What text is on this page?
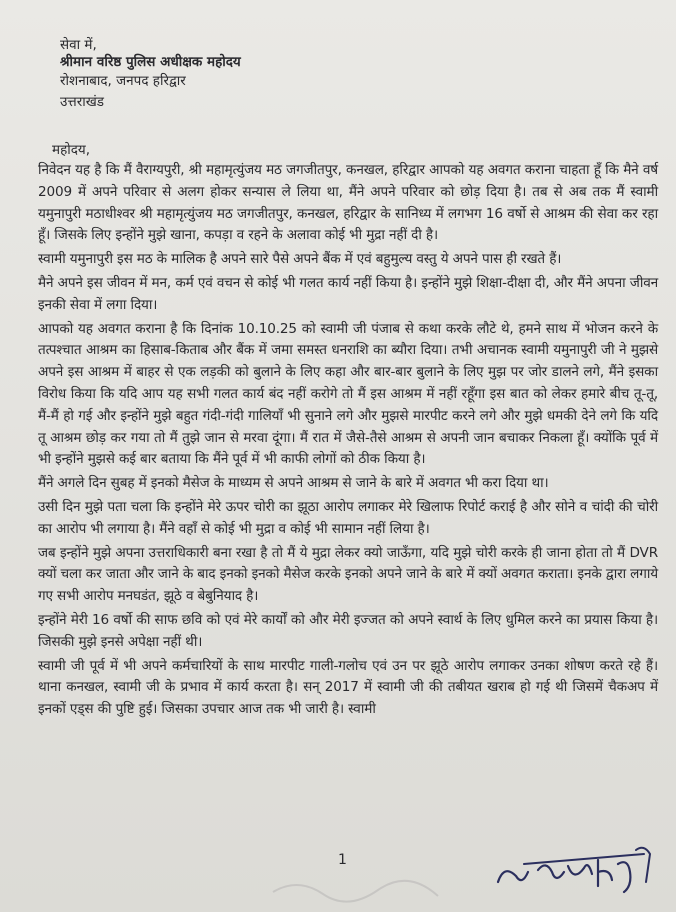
सेवा में,
श्रीमान वरिष्ठ पुलिस अधीक्षक महोदय
रोशनाबाद, जनपद हरिद्वार
उत्तराखंड
महोदय,

निवेदन यह है कि मैं वैराग्यपुरी, श्री महामृत्युंजय मठ जगजीतपुर, कनखल, हरिद्वार आपको यह अवगत कराना चाहता हूँ कि मैने वर्ष 2009 में अपने परिवार से अलग होकर सन्यास ले लिया था, मैंने अपने परिवार को छोड़ दिया है। तब से अब तक मैं स्वामी यमुनापुरी मठाधीश्वर श्री महामृत्युंजय मठ जगजीतपुर, कनखल, हरिद्वार के सानिध्य में लगभग 16 वर्षो से आश्रम की सेवा कर रहा हूँ। जिसके लिए इन्होंने मुझे खाना, कपड़ा व रहने के अलावा कोई भी मुद्रा नहीं दी है।

स्वामी यमुनापुरी इस मठ के मालिक है अपने सारे पैसे अपने बैंक में एवं बहुमुल्य वस्तु ये अपने पास ही रखते हैं।

मैने अपने इस जीवन में मन, कर्म एवं वचन से कोई भी गलत कार्य नहीं किया है। इन्होंने मुझे शिक्षा-दीक्षा दी, और मैंने अपना जीवन इनकी सेवा में लगा दिया।

आपको यह अवगत कराना है कि दिनांक 10.10.25 को स्वामी जी पंजाब से कथा करके लौटे थे, हमने साथ में भोजन करने के तत्पश्चात आश्रम का हिसाब-किताब और बैंक में जमा समस्त धनराशि का ब्यौरा दिया। तभी अचानक स्वामी यमुनापुरी जी ने मुझसे अपने इस आश्रम में बाहर से एक लड़की को बुलाने के लिए कहा और बार-बार बुलाने के लिए मुझ पर जोर डालने लगे, मैंने इसका विरोध किया कि यदि आप यह सभी गलत कार्य बंद नहीं करोगे तो मैं इस आश्रम में नहीं रहूँगा इस बात को लेकर हमारे बीच तू-तू, मैं-मैं हो गई और इन्होंने मुझे बहुत गंदी-गंदी गालियाँ भी सुनाने लगे और मुझसे मारपीट करने लगे और मुझे धमकी देने लगे कि यदि तू आश्रम छोड़ कर गया तो मैं तुझे जान से मरवा दूंगा। मैं रात में जैसे-तैसे आश्रम से अपनी जान बचाकर निकला हूँ। क्योंकि पूर्व में भी इन्होंने मुझसे कई बार बताया कि मैंने पूर्व में भी काफी लोगों को ठीक किया है।

मैंने अगले दिन सुबह में इनको मैसेज के माध्यम से अपने आश्रम से जाने के बारे में अवगत भी करा दिया था।

उसी दिन मुझे पता चला कि इन्होंने मेरे ऊपर चोरी का झूठा आरोप लगाकर मेरे खिलाफ रिपोर्ट कराई है और सोने व चांदी की चोरी का आरोप भी लगाया है। मैंने वहाँ से कोई भी मुद्रा व कोई भी सामान नहीं लिया है।

जब इन्होंने मुझे अपना उत्तराधिकारी बना रखा है तो मैं ये मुद्रा लेकर क्यो जाऊँगा, यदि मुझे चोरी करके ही जाना होता तो मैं DVR क्यों चला कर जाता और जाने के बाद इनको इनको मैसेज करके इनको अपने जाने के बारे में क्यों अवगत कराता। इनके द्वारा लगाये गए सभी आरोप मनघडंत, झूठे व बेबुनियाद है।

इन्होंने मेरी 16 वर्षो की साफ छवि को एवं मेरे कार्यों को और मेरी इज्जत को अपने स्वार्थ के लिए धुमिल करने का प्रयास किया है। जिसकी मुझे इनसे अपेक्षा नहीं थी।

स्वामी जी पूर्व में भी अपने कर्मचारियों के साथ मारपीट गाली-गलोच एवं उन पर झूठे आरोप लगाकर उनका शोषण करते रहे हैं। थाना कनखल, स्वामी जी के प्रभाव में कार्य करता है। सन् 2017 में स्वामी जी की तबीयत खराब हो गई थी जिसमें चैकअप में इनकों एड्स की पुष्टि हुई। जिसका उपचार आज तक भी जारी है। स्वामी

1
